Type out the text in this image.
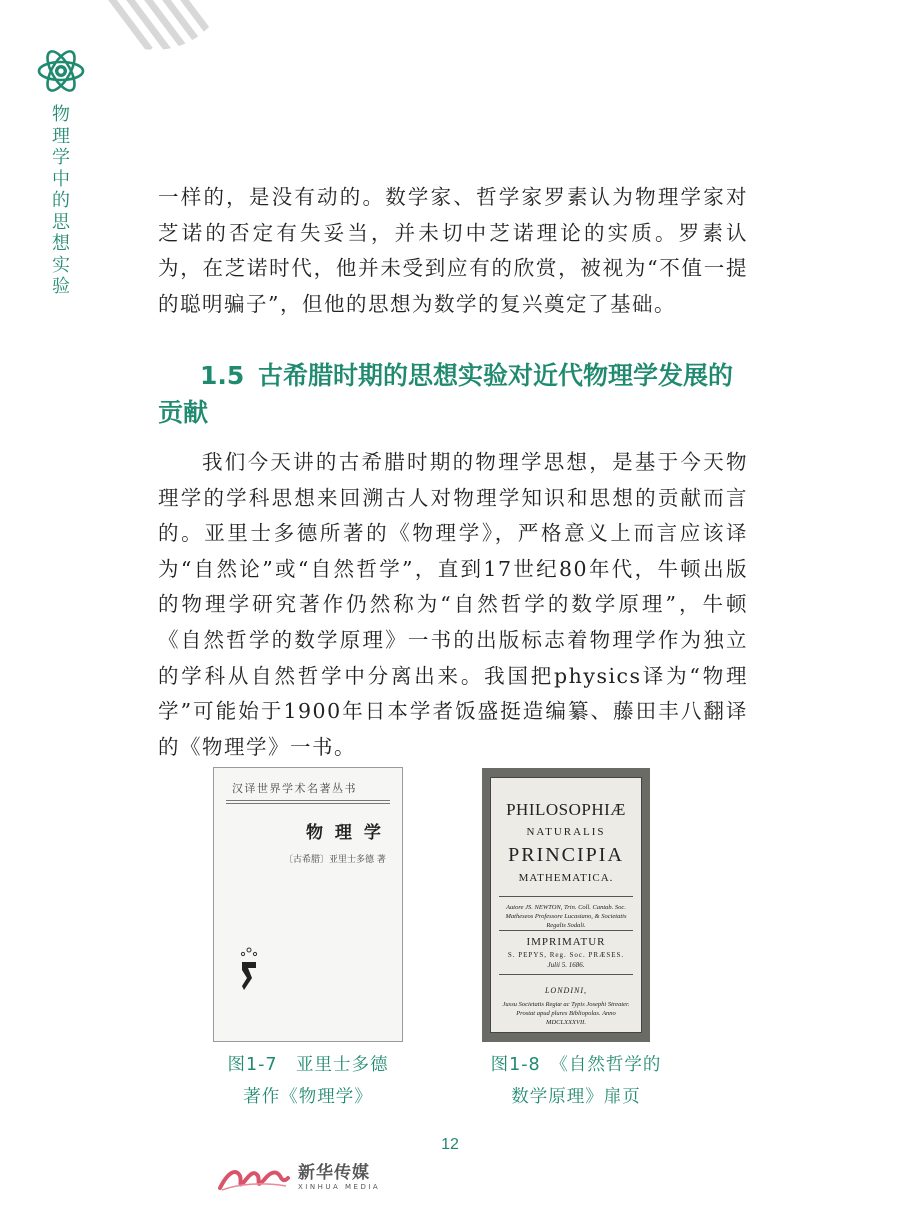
物理学中的思想实验

一样的，是没有动的。数学家、哲学家罗素认为物理学家对芝诺的否定有失妥当，并未切中芝诺理论的实质。罗素认为，在芝诺时代，他并未受到应有的欣赏，被视为“不值一提的聪明骗子”，但他的思想为数学的复兴奠定了基础。

1.5 古希腊时期的思想实验对近代物理学发展的贡献

我们今天讲的古希腊时期的物理学思想，是基于今天物理学的学科思想来回溯古人对物理学知识和思想的贡献而言的。亚里士多德所著的《物理学》，严格意义上而言应该译为“自然论”或“自然哲学”，直到17世纪80年代，牛顿出版的物理学研究著作仍然称为“自然哲学的数学原理”，牛顿《自然哲学的数学原理》一书的出版标志着物理学作为独立的学科从自然哲学中分离出来。我国把physics译为“物理学”可能始于1900年日本学者饭盛挺造编纂、藤田丰八翻译的《物理学》一书。

汉译世界学术名著丛书
物 理 学
〔古希腊〕亚里士多德 著
PHILOSOPHIÆ
NATURALIS
PRINCIPIA
MATHEMATICA.
Autore JS. NEWTON, Trin. Coll. Cantab. Soc. Matheseos Professore Lucasiano, & Societatis Regalis Sodali.
IMPRIMATUR
S. PEPYS, Reg. Soc. PRÆSES.
Julii 5. 1686.
LONDINI,
Jussu Societatis Regiæ ac Typis Josephi Streater. Prostat apud plures Bibliopolas. Anno MDCLXXXVII.
图1-7　亚里士多德
著作《物理学》
图1-8　《自然哲学的
数学原理》扉页
12
新华传媒
XINHUA MEDIA
